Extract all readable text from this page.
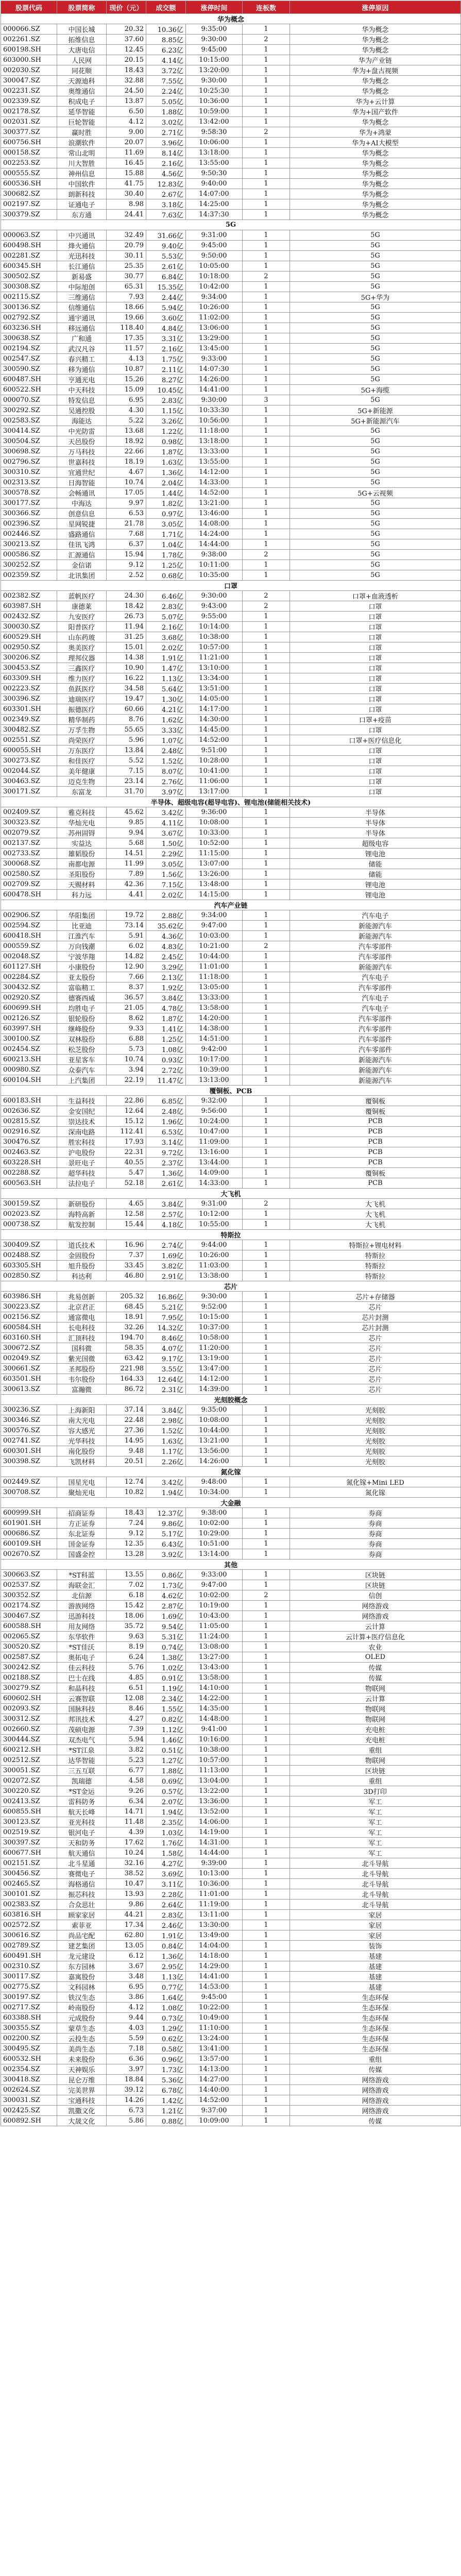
股票代码	股票简称	现价（元）	成交额	涨停时间	连板数	涨停原因
华为概念						
000066.SZ	中国长城	20.32	10.36亿	9:35:00	1	华为概念
002261.SZ	拓维信息	37.60	8.85亿	9:30:00	2	华为概念
600198.SH	大唐电信	12.45	6.23亿	9:45:00	1	华为概念
603000.SH	人民网	20.15	4.14亿	10:15:00	1	华为产业链
002030.SZ	同花顺	18.43	3.72亿	13:20:00	1	华为+盘古视频
300047.SZ	天源迪科	32.88	7.55亿	9:30:00	1	华为概念
002231.SZ	奥维通信	24.50	2.24亿	10:25:30	1	华为概念
002339.SZ	积成电子	13.87	5.05亿	10:36:00	1	华为+云计算
002178.SZ	延华智能	6.50	1.88亿	10:59:00	1	华为+国产软件
002031.SZ	巨轮智能	4.12	3.02亿	13:42:00	1	华为概念
300377.SZ	赢时胜	9.00	2.71亿	9:58:30	2	华为+鸿蒙
600756.SH	浪潮软件	20.07	3.96亿	10:06:00	1	华为+AI大模型
000158.SZ	常山北明	11.69	8.14亿	13:18:00	1	华为概念
002253.SZ	川大智胜	16.45	2.16亿	13:55:00	1	华为概念
000555.SZ	神州信息	15.88	4.56亿	9:50:30	1	华为概念
600536.SH	中国软件	41.75	12.83亿	9:40:00	1	华为概念
300682.SZ	朗新科技	30.40	2.67亿	14:07:00	1	华为概念
002197.SZ	证通电子	8.98	3.18亿	14:25:00	1	华为概念
300379.SZ	东方通	24.41	7.63亿	14:37:30	1	华为概念
5G						
000063.SZ	中兴通讯	32.49	31.66亿	9:31:00	1	5G
600498.SH	烽火通信	20.79	9.40亿	9:45:00	1	5G
002281.SZ	光迅科技	30.11	5.53亿	9:50:00	1	5G
600345.SH	长江通信	25.35	2.61亿	10:05:00	1	5G
300502.SZ	新易盛	30.77	6.84亿	10:18:00	2	5G
300308.SZ	中际旭创	65.31	15.35亿	10:42:00	1	5G
002115.SZ	三维通信	7.93	2.44亿	9:34:00	1	5G+华为
300136.SZ	信维通信	18.66	5.94亿	10:26:00	1	5G
002792.SZ	通宇通讯	19.66	3.60亿	11:02:00	1	5G
603236.SH	移远通信	118.40	4.84亿	13:06:00	1	5G
300638.SZ	广和通	17.35	3.31亿	13:29:00	1	5G
002194.SZ	武汉凡谷	11.57	2.16亿	13:45:00	1	5G
002547.SZ	春兴精工	4.13	1.75亿	9:33:00	1	5G
300590.SZ	移为通信	10.87	2.11亿	14:07:30	1	5G
600487.SH	亨通光电	15.26	8.27亿	14:26:00	1	5G
600522.SH	中天科技	15.09	10.45亿	14:41:00	1	5G+海缆
000070.SZ	特发信息	6.95	2.83亿	9:30:00	3	5G
300292.SZ	吴通控股	4.30	1.15亿	10:33:30	1	5G+新能源
002583.SZ	海能达	5.22	3.26亿	10:56:00	1	5G+新能源汽车
300414.SZ	中光防雷	13.68	1.22亿	11:18:00	1	5G
300504.SZ	天邑股份	18.92	0.98亿	13:18:00	1	5G
300698.SZ	万马科技	22.66	1.87亿	13:33:00	1	5G
002796.SZ	世嘉科技	18.19	1.63亿	13:55:00	1	5G
300310.SZ	宜通世纪	4.67	1.36亿	14:12:00	1	5G
002313.SZ	日海智能	10.74	2.04亿	14:33:00	1	5G
300578.SZ	会畅通讯	17.05	1.44亿	14:52:00	1	5G+云视频
300177.SZ	中海达	9.97	1.82亿	13:21:00	1	5G
300366.SZ	创意信息	6.53	0.97亿	13:46:00	1	5G
002396.SZ	星网锐捷	21.78	3.05亿	14:08:00	1	5G
002446.SZ	盛路通信	7.68	1.71亿	14:24:00	1	5G
300213.SZ	佳讯飞鸿	6.37	1.04亿	14:44:00	1	5G
000586.SZ	汇源通信	15.94	1.78亿	9:38:00	2	5G
300252.SZ	金信诺	9.12	1.25亿	10:11:00	1	5G
002359.SZ	北讯集团	2.52	0.68亿	10:35:00	1	5G
口罩						
002382.SZ	蓝帆医疗	24.30	6.46亿	9:30:00	2	口罩+血液透析
603987.SH	康德莱	18.42	2.83亿	9:43:00	2	口罩
002432.SZ	九安医疗	26.73	5.07亿	9:55:00	1	口罩
300030.SZ	阳普医疗	11.94	2.16亿	10:14:00	1	口罩
600529.SH	山东药玻	31.25	3.68亿	10:38:00	1	口罩
002950.SZ	奥美医疗	15.01	2.02亿	10:57:00	1	口罩
300206.SZ	理邦仪器	14.38	1.91亿	11:21:00	1	口罩
300453.SZ	三鑫医疗	10.90	1.47亿	13:10:00	1	口罩
603309.SH	维力医疗	16.22	1.13亿	13:34:00	1	口罩
002223.SZ	鱼跃医疗	34.58	5.64亿	13:51:00	1	口罩
300396.SZ	迪瑞医疗	19.47	1.30亿	14:05:00	1	口罩
603301.SH	振德医疗	60.66	4.21亿	14:17:00	1	口罩
002349.SZ	精华制药	8.76	1.62亿	14:30:00	1	口罩+疫苗
300482.SZ	万孚生物	55.65	3.33亿	14:45:00	1	口罩
002551.SZ	尚荣医疗	5.96	1.07亿	14:52:00	1	口罩+医疗信息化
600055.SH	万东医疗	13.84	2.48亿	9:51:00	1	口罩
300273.SZ	和佳医疗	5.52	1.52亿	10:28:00	1	口罩
002044.SZ	美年健康	7.15	8.07亿	10:41:00	1	口罩
300463.SZ	迈克生物	23.14	2.76亿	11:06:00	1	口罩
300171.SZ	东富龙	31.70	3.97亿	13:17:00	1	口罩
半导体、超级电容(超导电容)、锂电池(储能相关技术)						
002409.SZ	雅克科技	45.62	3.42亿	9:36:00	1	半导体
300323.SZ	华灿光电	9.85	4.11亿	10:08:00	1	半导体
002079.SZ	苏州固锝	9.94	3.67亿	10:33:00	1	半导体
002137.SZ	实益达	5.68	1.50亿	10:52:00	1	超级电容
002733.SZ	雄韬股份	14.51	2.29亿	11:15:00	1	锂电池
300068.SZ	南都电源	11.99	3.05亿	13:07:00	1	储能
002580.SZ	圣阳股份	7.89	1.56亿	13:26:00	1	储能
002709.SZ	天赐材料	42.36	7.15亿	13:48:00	1	锂电池
600478.SH	科力远	4.41	2.02亿	14:15:00	1	锂电池
汽车产业链						
002906.SZ	华阳集团	19.72	2.88亿	9:34:00	1	汽车电子
002594.SZ	比亚迪	73.14	35.62亿	9:47:00	1	新能源汽车
600418.SH	江淮汽车	5.91	4.36亿	10:03:00	1	新能源汽车
000559.SZ	万向钱潮	6.02	4.83亿	10:21:00	2	汽车零部件
002048.SZ	宁波华翔	14.82	2.45亿	10:44:00	1	汽车零部件
601127.SH	小康股份	12.90	3.29亿	11:01:00	1	新能源汽车
002284.SZ	亚太股份	7.66	2.13亿	11:18:00	1	汽车电子
300432.SZ	富临精工	8.37	1.92亿	13:05:00	1	汽车零部件
002920.SZ	德赛西威	36.57	3.84亿	13:33:00	1	汽车电子
600699.SH	均胜电子	21.05	4.78亿	13:58:00	1	汽车电子
002126.SZ	银轮股份	8.62	1.87亿	14:20:00	1	汽车零部件
603997.SH	继峰股份	9.33	1.41亿	14:38:00	1	汽车零部件
300100.SZ	双林股份	6.88	1.25亿	14:51:00	1	汽车零部件
002454.SZ	松芝股份	5.73	1.08亿	9:42:00	1	汽车零部件
600213.SH	亚星客车	10.74	0.93亿	10:17:00	1	新能源汽车
000980.SZ	众泰汽车	3.94	2.72亿	10:39:00	1	新能源汽车
600104.SH	上汽集团	22.19	11.47亿	13:13:00	1	新能源汽车
覆铜板、PCB						
600183.SH	生益科技	22.86	6.85亿	9:32:00	1	覆铜板
002636.SZ	金安国纪	12.64	2.48亿	9:56:00	1	覆铜板
002815.SZ	崇达技术	15.12	1.96亿	10:24:00	1	PCB
002916.SZ	深南电路	112.41	6.53亿	10:47:00	1	PCB
300476.SZ	胜宏科技	17.93	3.14亿	11:09:00	1	PCB
002463.SZ	沪电股份	22.31	9.72亿	13:16:00	1	PCB
603228.SH	景旺电子	40.55	2.37亿	13:44:00	1	PCB
002288.SZ	超华科技	5.47	1.36亿	14:09:00	1	覆铜板
600563.SH	法拉电子	52.18	2.61亿	14:33:00	1	PCB
大飞机						
300159.SZ	新研股份	4.65	3.84亿	9:31:00	2	大飞机
002023.SZ	海特高新	12.58	2.57亿	10:12:00	1	大飞机
000738.SZ	航发控制	15.44	4.18亿	10:55:00	1	大飞机
特斯拉						
300409.SZ	道氏技术	16.96	2.74亿	9:44:00	1	特斯拉+锂电材料
002488.SZ	金固股份	7.37	1.69亿	10:26:00	1	特斯拉
603305.SH	旭升股份	33.45	3.82亿	11:03:00	1	特斯拉
002850.SZ	科达利	46.80	2.91亿	13:38:00	1	特斯拉
芯片						
603986.SH	兆易创新	205.32	16.86亿	9:30:00	1	芯片+存储器
300223.SZ	北京君正	68.45	5.21亿	9:52:00	1	芯片
002156.SZ	通富微电	18.91	7.95亿	10:15:00	1	芯片封测
600584.SH	长电科技	32.26	14.32亿	10:37:00	1	芯片封测
603160.SH	汇顶科技	194.70	8.46亿	10:58:00	1	芯片
300672.SZ	国科微	58.35	4.07亿	11:20:00	1	芯片
002049.SZ	紫光国微	63.42	9.17亿	13:19:00	1	芯片
300661.SZ	圣邦股份	221.98	3.55亿	13:47:00	1	芯片
603501.SH	韦尔股份	164.33	12.64亿	14:12:00	1	芯片
300613.SZ	富瀚微	86.72	2.31亿	14:39:00	1	芯片
光刻胶概念						
300236.SZ	上海新阳	37.14	3.84亿	9:35:00	1	光刻胶
300346.SZ	南大光电	22.48	2.98亿	10:08:00	1	光刻胶
300576.SZ	容大感光	27.36	1.52亿	10:44:00	1	光刻胶
002741.SZ	光华科技	14.95	1.63亿	13:21:00	1	光刻胶
600301.SH	南化股份	9.48	1.17亿	13:56:00	1	光刻胶
300398.SZ	飞凯材料	20.51	2.26亿	14:26:00	1	光刻胶
氮化镓						
002449.SZ	国星光电	12.74	3.42亿	9:48:00	1	氮化镓+Mini LED
300708.SZ	聚灿光电	10.82	1.94亿	10:34:00	1	氮化镓
大金融						
600999.SH	招商证券	18.43	12.37亿	9:38:00	1	券商
601901.SH	方正证券	7.24	9.86亿	10:02:00	1	券商
000686.SZ	东北证券	9.12	5.17亿	10:29:00	1	券商
600109.SH	国金证券	12.35	6.43亿	10:51:00	1	券商
002670.SZ	国盛金控	13.28	3.92亿	13:14:00	1	券商
其他						
300663.SZ	*ST科蓝	13.55	0.86亿	9:33:00	1	区块链
002537.SZ	海联金汇	7.02	1.73亿	9:47:00	1	区块链
300352.SZ	北信源	6.18	4.62亿	10:02:00	2	信创
002174.SZ	游族网络	15.42	2.87亿	10:19:00	1	网络游戏
300467.SZ	迅游科技	18.06	1.69亿	10:43:00	1	网络游戏
600588.SH	用友网络	35.72	9.54亿	11:05:00	1	云计算
002065.SZ	东华软件	9.63	5.31亿	11:24:00	1	云计算+医疗信息化
300520.SZ	*ST佳沃	8.19	0.74亿	13:08:00	1	农业
002587.SZ	奥拓电子	6.24	1.38亿	13:27:00	1	OLED
300242.SZ	佳云科技	5.76	1.02亿	13:43:00	1	传媒
002188.SZ	巴士在线	4.85	0.91亿	13:58:00	1	传媒
300279.SZ	和晶科技	6.51	1.19亿	14:10:00	1	物联网
600602.SH	云赛智联	12.08	2.34亿	14:22:00	1	云计算
002093.SZ	国脉科技	8.46	1.55亿	14:35:00	1	物联网
300312.SZ	邦讯技术	4.27	0.82亿	14:48:00	1	物联网
002660.SZ	茂硕电源	7.39	1.12亿	9:41:00	1	充电桩
300444.SZ	双杰电气	5.94	1.46亿	10:16:00	1	充电桩
600212.SH	*ST江泉	3.82	0.51亿	10:38:00	1	重组
002512.SZ	达华智能	5.23	1.27亿	10:57:00	1	物联网
300051.SZ	三五互联	6.77	1.88亿	11:13:00	1	区块链
002072.SZ	凯瑞德	4.58	0.69亿	13:04:00	1	重组
300220.SZ	*ST金运	9.26	0.57亿	13:22:00	1	3D打印
002413.SZ	雷科防务	6.34	2.07亿	13:36:00	1	军工
600855.SH	航天长峰	14.71	1.94亿	13:52:00	1	军工
300123.SZ	亚光科技	11.48	2.35亿	14:06:00	1	军工
002519.SZ	银河电子	4.39	1.03亿	14:19:00	1	军工
300397.SZ	天和防务	17.62	1.76亿	14:31:00	1	军工
600677.SH	航天通信	10.24	1.58亿	14:44:00	1	军工
002151.SZ	北斗星通	32.16	4.27亿	9:39:00	1	北斗导航
300456.SZ	赛微电子	38.52	3.69亿	10:13:00	1	北斗导航
002465.SZ	海格通信	10.47	3.11亿	10:36:00	1	北斗导航
300101.SZ	振芯科技	13.93	2.28亿	11:01:00	1	北斗导航
002383.SZ	合众思壮	9.86	2.64亿	11:19:00	1	北斗导航
603816.SH	顾家家居	44.21	2.83亿	13:11:00	1	家居
002572.SZ	索菲亚	17.34	2.46亿	13:30:00	1	家居
300616.SZ	尚品宅配	62.80	1.91亿	13:49:00	1	家居
002789.SZ	建艺集团	13.05	0.84亿	14:04:00	1	装饰
600491.SH	龙元建设	6.12	1.36亿	14:18:00	1	基建
002310.SZ	东方园林	3.67	2.95亿	14:29:00	1	基建
300117.SZ	嘉寓股份	3.48	1.13亿	14:41:00	1	基建
002775.SZ	文科园林	6.95	0.77亿	14:53:00	1	基建
300197.SZ	铁汉生态	3.86	1.64亿	9:45:00	1	生态环保
002717.SZ	岭南股份	4.12	1.08亿	10:22:00	1	生态环保
603388.SH	元成股份	9.44	0.73亿	10:49:00	1	生态环保
300355.SZ	蒙草生态	4.03	1.29亿	11:10:00	1	生态环保
002200.SZ	云投生态	5.59	0.62亿	13:24:00	1	生态环保
300495.SZ	美尚生态	7.18	0.58亿	13:41:00	1	生态环保
600532.SH	未来股份	6.36	0.96亿	13:57:00	1	重组
002354.SZ	天神娱乐	3.97	1.73亿	14:13:00	1	传媒
300418.SZ	昆仑万维	18.84	5.36亿	14:27:00	1	网络游戏
002624.SZ	完美世界	39.12	6.78亿	14:40:00	1	网络游戏
300031.SZ	宝通科技	14.26	1.42亿	14:52:00	1	网络游戏
002425.SZ	凯撒文化	6.73	1.21亿	9:37:00	1	网络游戏
600892.SH	大晟文化	5.86	0.88亿	10:09:00	1	传媒
